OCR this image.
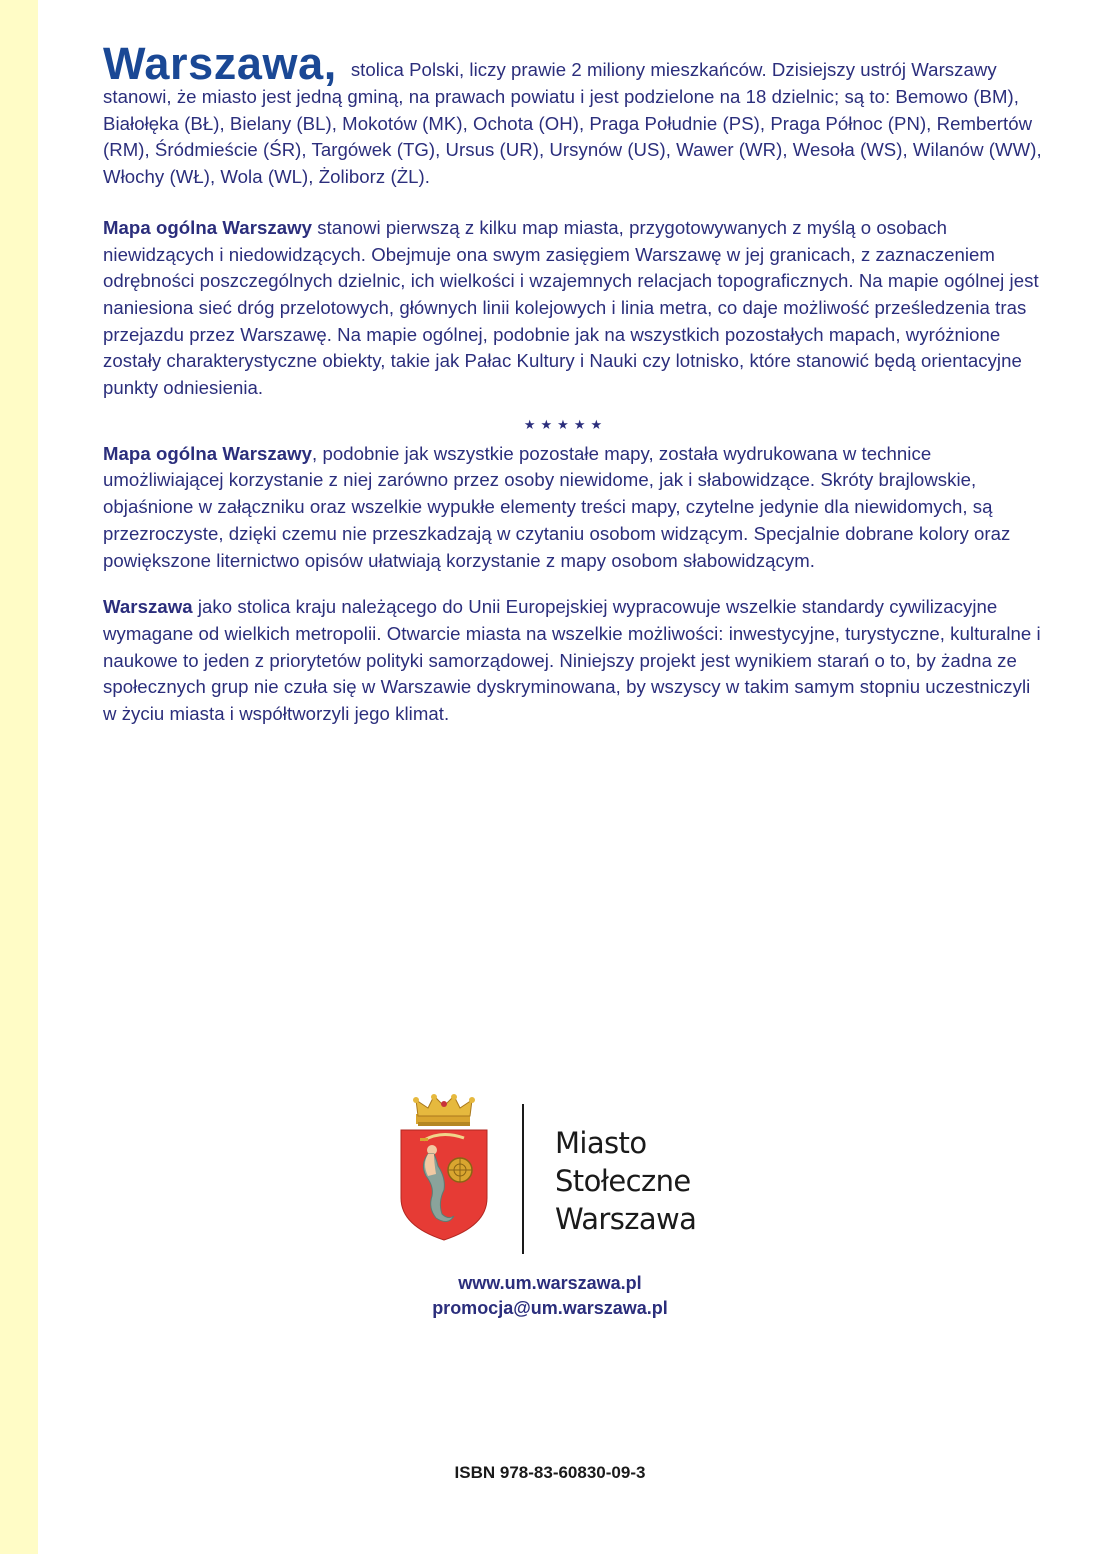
Warszawa, stolica Polski, liczy prawie 2 miliony mieszkańców. Dzisiejszy ustrój Warszawy stanowi, że miasto jest jedną gminą, na prawach powiatu i jest podzielone na 18 dzielnic; są to: Bemowo (BM), Białołęka (BŁ), Bielany (BL), Mokotów (MK), Ochota (OH), Praga Południe (PS), Praga Północ (PN), Rembertów (RM), Śródmieście (ŚR), Targówek (TG), Ursus (UR), Ursynów (US), Wawer (WR), Wesoła (WS), Wilanów (WW), Włochy (WŁ), Wola (WL), Żoliborz (ŻL).

Mapa ogólna Warszawy stanowi pierwszą z kilku map miasta, przygotowywanych z myślą o osobach niewidzących i niedowidzących. Obejmuje ona swym zasięgiem Warszawę w jej granicach, z zaznaczeniem odrębności poszczególnych dzielnic, ich wielkości i wzajemnych relacjach topograficznych. Na mapie ogólnej jest naniesiona sieć dróg przelotowych, głównych linii kolejowych i linia metra, co daje możliwość prześledzenia tras przejazdu przez Warszawę. Na mapie ogólnej, podobnie jak na wszystkich pozostałych mapach, wyróżnione zostały charakterystyczne obiekty, takie jak Pałac Kultury i Nauki czy lotnisko, które stanowić będą orientacyjne punkty odniesienia.

★★★★★

Mapa ogólna Warszawy, podobnie jak wszystkie pozostałe mapy, została wydrukowana w technice umożliwiającej korzystanie z niej zarówno przez osoby niewidome, jak i słabowidzące. Skróty brajlowskie, objaśnione w załączniku oraz wszelkie wypukłe elementy treści mapy, czytelne jedynie dla niewidomych, są przezroczyste, dzięki czemu nie przeszkadzają w czytaniu osobom widzącym. Specjalnie dobrane kolory oraz powiększone liternictwo opisów ułatwiają korzystanie z mapy osobom słabowidzącym.

Warszawa jako stolica kraju należącego do Unii Europejskiej wypracowuje wszelkie standardy cywilizacyjne wymagane od wielkich metropolii. Otwarcie miasta na wszelkie możliwości: inwestycyjne, turystyczne, kulturalne i naukowe to jeden z priorytetów polityki samorządowej. Niniejszy projekt jest wynikiem starań o to, by żadna ze społecznych grup nie czuła się w Warszawie dyskryminowana, by wszyscy w takim samym stopniu uczestniczyli w życiu miasta i współtworzyli jego klimat.

Miasto
Stołeczne
Warszawa
www.um.warszawa.pl
promocja@um.warszawa.pl
ISBN 978-83-60830-09-3
